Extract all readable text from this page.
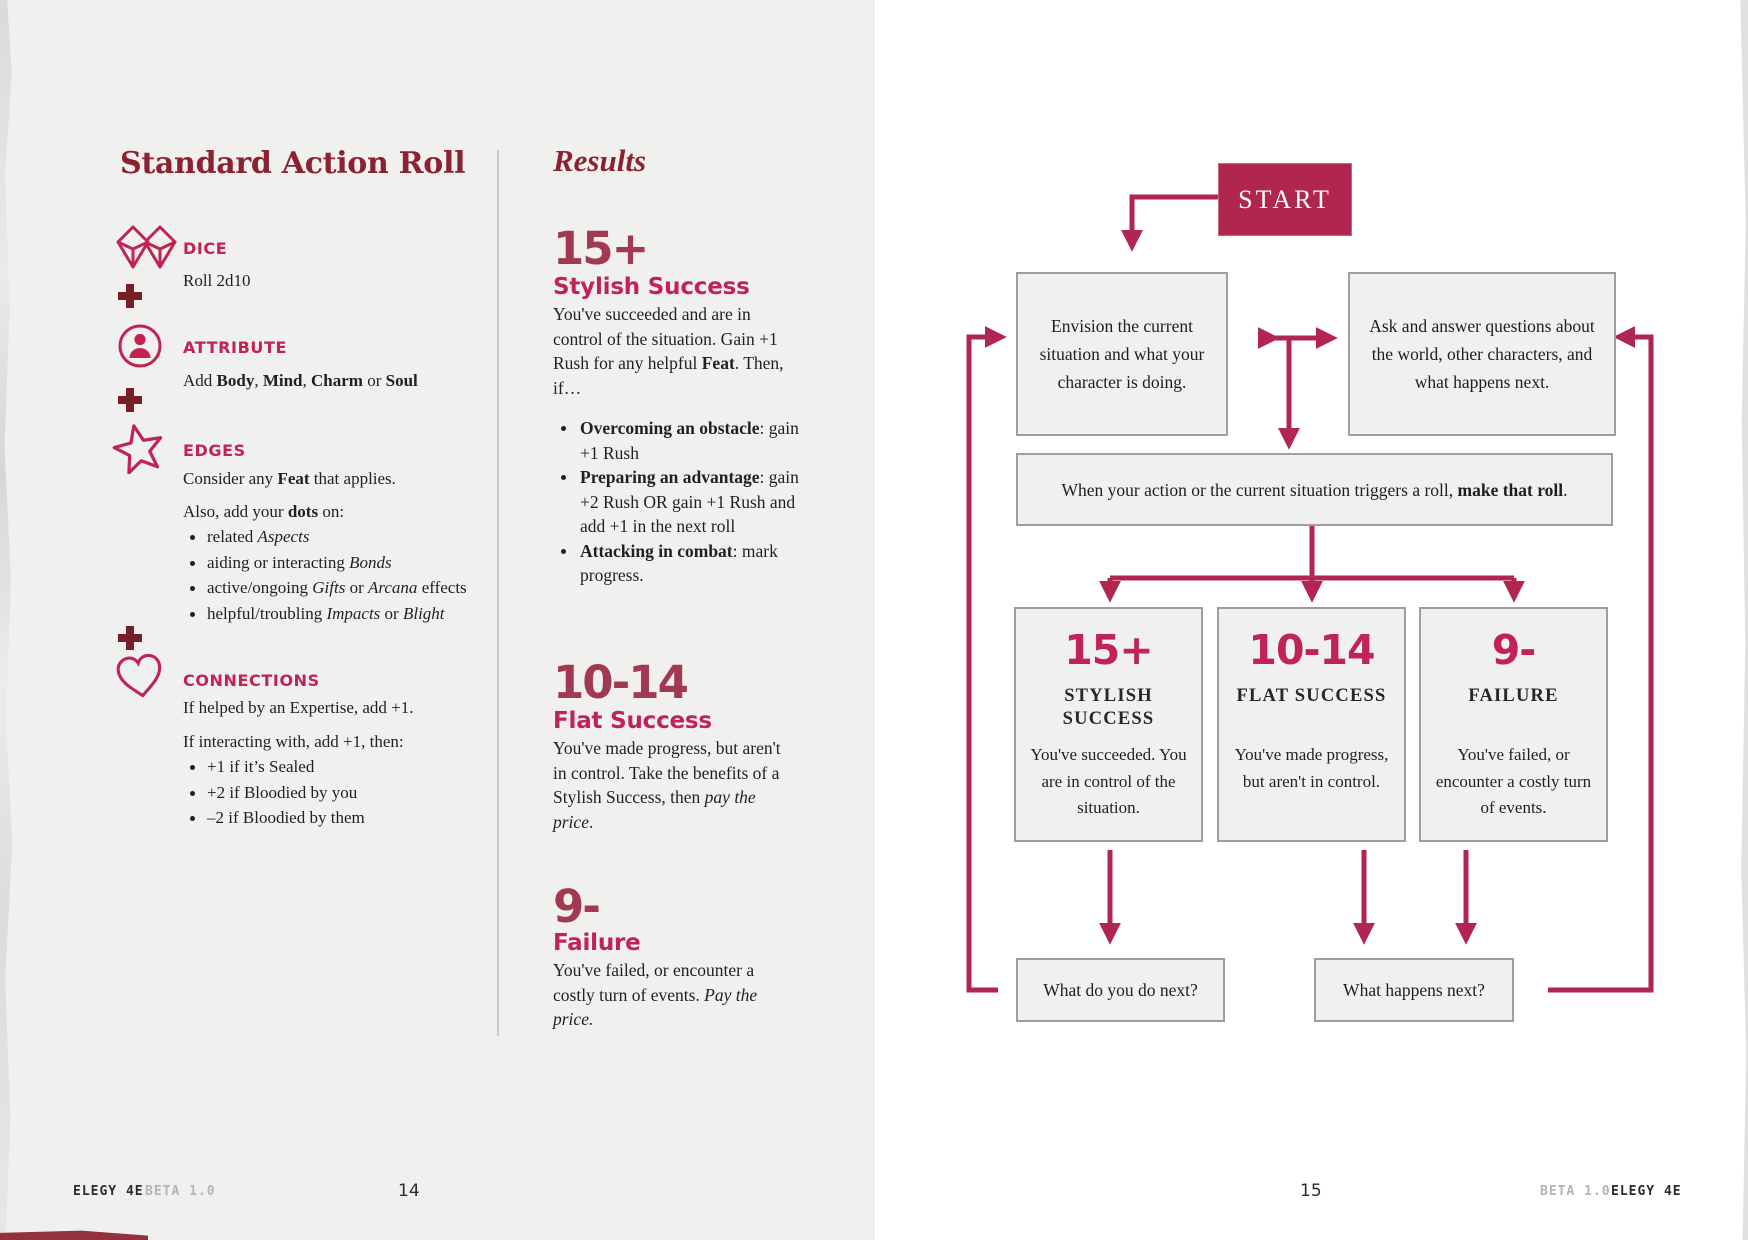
Standard Action Roll
DICE
Roll 2d10
ATTRIBUTE
Add Body, Mind, Charm or Soul
EDGES
Consider any Feat that applies.
Also, add your dots on:
related Aspects
aiding or interacting Bonds
active/ongoing Gifts or Arcana effects
helpful/troubling Impacts or Blight
CONNECTIONS
If helped by an Expertise, add +1.
If interacting with, add +1, then:
+1 if it’s Sealed
+2 if Bloodied by you
–2 if Bloodied by them
Results
15+
Stylish Success
You've succeeded and are in control of the situation. Gain +1 Rush for any helpful Feat. Then, if…
Overcoming an obstacle: gain +1 Rush
Preparing an advantage: gain +2 Rush OR gain +1 Rush and add +1 in the next roll
Attacking in combat: mark progress.
10-14
Flat Success
You've made progress, but aren't in control. Take the benefits of a Stylish Success, then pay the price.
9-
Failure
You've failed, or encounter a costly turn of events. Pay the price.
ELEGY 4E BETA 1.0	14
START
Envision the current situation and what your character is doing.
Ask and answer questions about the world, other characters, and what happens next.
When your action or the current situation triggers a roll, make that roll.
15+
STYLISH SUCCESS
You've succeeded. You are in control of the situation.
10-14
FLAT SUCCESS
You've made progress, but aren't in control.
9-
FAILURE
You've failed, or encounter a costly turn of events.
What do you do next?	What happens next?
15	BETA 1.0 ELEGY 4E
